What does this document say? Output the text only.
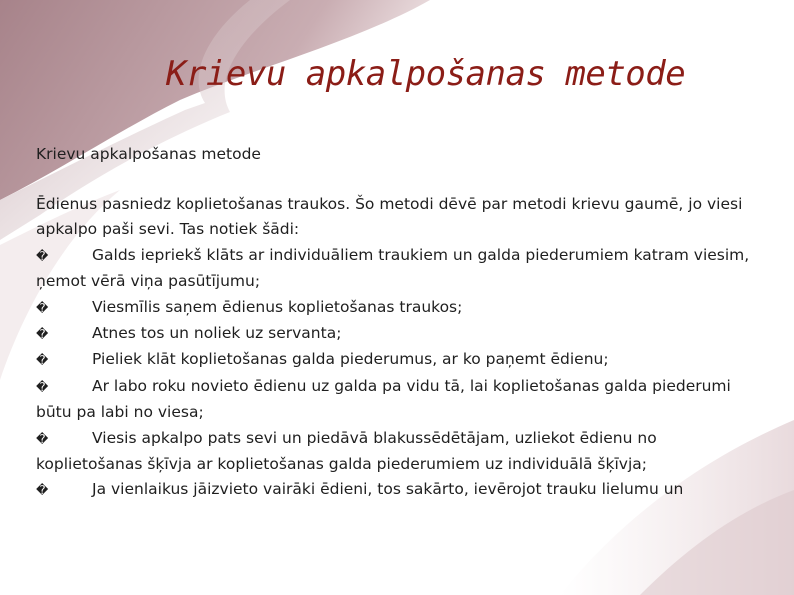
Krievu apkalpošanas metode
Krievu apkalpošanas metode

Ēdienus pasniedz koplietošanas traukos. Šo metodi dēvē par metodi krievu gaumē, jo viesi apkalpo paši sevi. Tas notiek šādi:

�	Galds iepriekš klāts ar individuāliem traukiem un galda piederumiem katram viesim, ņemot vērā viņa pasūtījumu;

�	Viesmīlis saņem ēdienus koplietošanas traukos;

�	Atnes tos un noliek uz servanta;

�	Pieliek klāt koplietošanas galda piederumus, ar ko paņemt ēdienu;

�	Ar labo roku novieto ēdienu uz galda pa vidu tā, lai koplietošanas galda piederumi būtu pa labi no viesa;

�	Viesis apkalpo pats sevi un piedāvā blakussēdētājam, uzliekot ēdienu no koplietošanas šķīvja ar koplietošanas galda piederumiem uz individuālā šķīvja;

�	Ja vienlaikus jāizvieto vairāki ēdieni, tos sakārto, ievērojot trauku lielumu un
